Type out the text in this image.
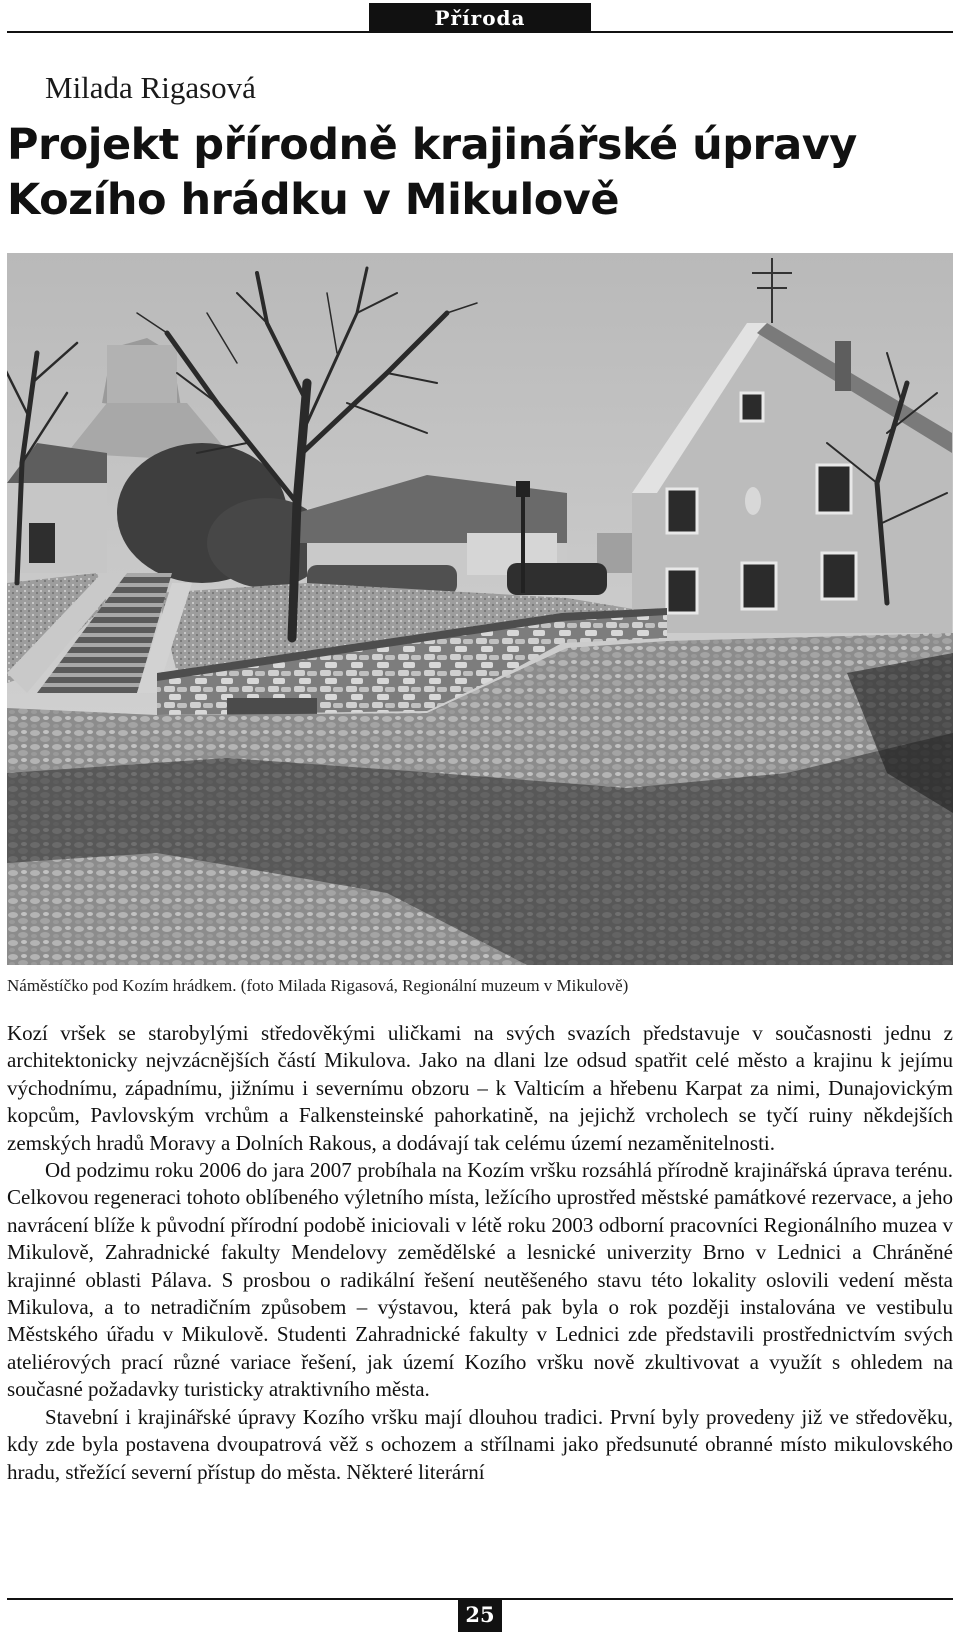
Příroda
Milada Rigasová
Projekt přírodně krajinářské úpravy
Kozího hrádku v Mikulově
Náměstíčko pod Kozím hrádkem. (foto Milada Rigasová, Regionální muzeum v Mikulově)

Kozí vršek se starobylými středověkými uličkami na svých svazích představuje v současnosti jednu z architektonicky nejvzácnějších částí Mikulova. Jako na dlani lze odsud spatřit celé město a krajinu k jejímu východnímu, západnímu, jižnímu i severnímu obzoru – k Valticím a hřebenu Karpat za nimi, Dunajovickým kopcům, Pavlovským vrchům a Falkensteinské pahorkatině, na jejichž vrcholech se tyčí ruiny někdejších zemských hradů Moravy a Dolních Rakous, a dodávají tak celému území nezaměnitelnosti.

Od podzimu roku 2006 do jara 2007 probíhala na Kozím vršku rozsáhlá přírodně krajinářská úprava terénu. Celkovou regeneraci tohoto oblíbeného výletního místa, ležícího uprostřed městské památkové rezervace, a jeho navrácení blíže k původní přírodní podobě iniciovali v létě roku 2003 odborní pracovníci Regionálního muzea v Mikulově, Zahradnické fakulty Mendelovy zemědělské a lesnické univerzity Brno v Lednici a Chráněné krajinné oblasti Pálava. S prosbou o radikální řešení neutěšeného stavu této lokality oslovili vedení města Mikulova, a to netradičním způsobem – výstavou, která pak byla o rok později instalována ve vestibulu Městského úřadu v Mikulově. Studenti Zahradnické fakulty v Lednici zde představili prostřednictvím svých ateliérových prací různé variace řešení, jak území Kozího vršku nově zkultivovat a využít s ohledem na současné požadavky turisticky atraktivního města.

Stavební i krajinářské úpravy Kozího vršku mají dlouhou tradici. První byly provedeny již ve středověku, kdy zde byla postavena dvoupatrová věž s ochozem a střílnami jako předsunuté obranné místo mikulovského hradu, střežící severní přístup do města. Některé literární

25
